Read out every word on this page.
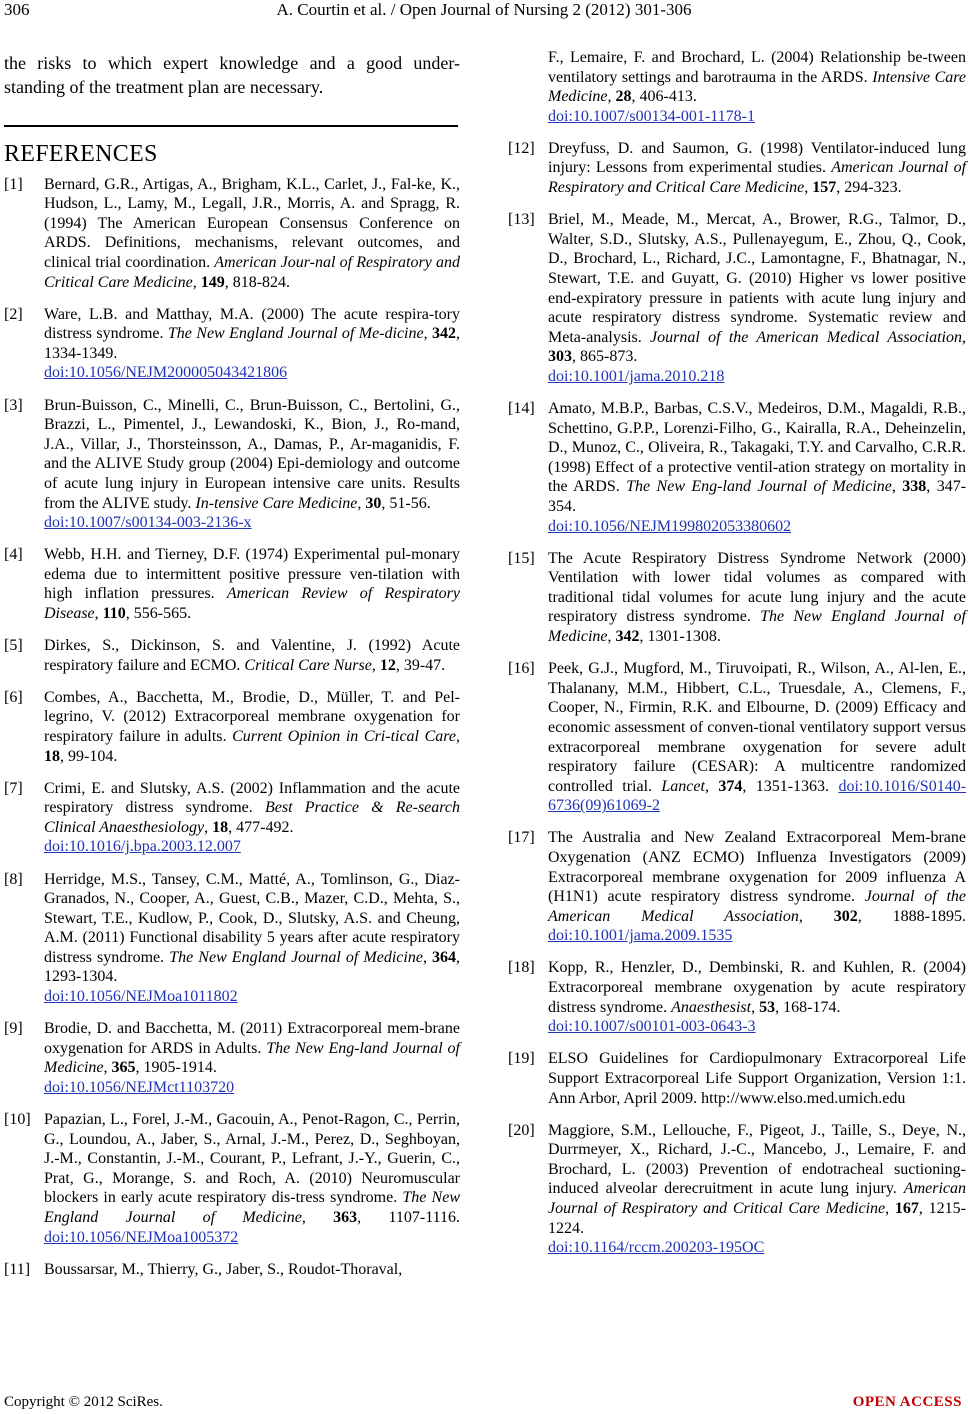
306	A. Courtin et al. / Open Journal of Nursing 2 (2012) 301-306

the risks to which expert knowledge and a good under-standing of the treatment plan are necessary.

REFERENCES
[1]	Bernard, G.R., Artigas, A., Brigham, K.L., Carlet, J., Fal-ke, K., Hudson, L., Lamy, M., Legall, J.R., Morris, A. and Spragg, R. (1994) The American European Consensus Conference on ARDS. Definitions, mechanisms, relevant outcomes, and clinical trial coordination. American Jour-nal of Respiratory and Critical Care Medicine, 149, 818-824.
[2]	Ware, L.B. and Matthay, M.A. (2000) The acute respira-tory distress syndrome. The New England Journal of Me-dicine, 342, 1334-1349.
doi:10.1056/NEJM200005043421806
[3]	Brun-Buisson, C., Minelli, C., Brun-Buisson, C., Bertolini, G., Brazzi, L., Pimentel, J., Lewandoski, K., Bion, J., Ro-mand, J.A., Villar, J., Thorsteinsson, A., Damas, P., Ar-maganidis, F. and the ALIVE Study group (2004) Epi-demiology and outcome of acute lung injury in European intensive care units. Results from the ALIVE study. In-tensive Care Medicine, 30, 51-56.
doi:10.1007/s00134-003-2136-x
[4]	Webb, H.H. and Tierney, D.F. (1974) Experimental pul-monary edema due to intermittent positive pressure ven-tilation with high inflation pressures. American Review of Respiratory Disease, 110, 556-565.
[5]	Dirkes, S., Dickinson, S. and Valentine, J. (1992) Acute respiratory failure and ECMO. Critical Care Nurse, 12, 39-47.
[6]	Combes, A., Bacchetta, M., Brodie, D., Müller, T. and Pel-legrino, V. (2012) Extracorporeal membrane oxygenation for respiratory failure in adults. Current Opinion in Cri-tical Care, 18, 99-104.
[7]	Crimi, E. and Slutsky, A.S. (2002) Inflammation and the acute respiratory distress syndrome. Best Practice & Re-search Clinical Anaesthesiology, 18, 477-492.
doi:10.1016/j.bpa.2003.12.007
[8]	Herridge, M.S., Tansey, C.M., Matté, A., Tomlinson, G., Diaz-Granados, N., Cooper, A., Guest, C.B., Mazer, C.D., Mehta, S., Stewart, T.E., Kudlow, P., Cook, D., Slutsky, A.S. and Cheung, A.M. (2011) Functional disability 5 years after acute respiratory distress syndrome. The New England Journal of Medicine, 364, 1293-1304.
doi:10.1056/NEJMoa1011802
[9]	Brodie, D. and Bacchetta, M. (2011) Extracorporeal mem-brane oxygenation for ARDS in Adults. The New Eng-land Journal of Medicine, 365, 1905-1914.
doi:10.1056/NEJMct1103720
[10] Papazian, L., Forel, J.-M., Gacouin, A., Penot-Ragon, C., Perrin, G., Loundou, A., Jaber, S., Arnal, J.-M., Perez, D., Seghboyan, J.-M., Constantin, J.-M., Courant, P., Lefrant, J.-Y., Guerin, C., Prat, G., Morange, S. and Roch, A. (2010) Neuromuscular blockers in early acute respiratory dis-tress syndrome. The New England Journal of Medicine, 363, 1107-1116. doi:10.1056/NEJMoa1005372
[11] Boussarsar, M., Thierry, G., Jaber, S., Roudot-Thoraval,
F., Lemaire, F. and Brochard, L. (2004) Relationship be-tween ventilatory settings and barotrauma in the ARDS. Intensive Care Medicine, 28, 406-413.
doi:10.1007/s00134-001-1178-1
[12] Dreyfuss, D. and Saumon, G. (1998) Ventilator-induced lung injury: Lessons from experimental studies. American Journal of Respiratory and Critical Care Medicine, 157, 294-323.
[13] Briel, M., Meade, M., Mercat, A., Brower, R.G., Talmor, D., Walter, S.D., Slutsky, A.S., Pullenayegum, E., Zhou, Q., Cook, D., Brochard, L., Richard, J.C., Lamontagne, F., Bhatnagar, N., Stewart, T.E. and Guyatt, G. (2010) Higher vs lower positive end-expiratory pressure in patients with acute lung injury and acute respiratory distress syndrome. Systematic review and Meta-analysis. Journal of the American Medical Association, 303, 865-873.
doi:10.1001/jama.2010.218
[14] Amato, M.B.P., Barbas, C.S.V., Medeiros, D.M., Magaldi, R.B., Schettino, G.P.P., Lorenzi-Filho, G., Kairalla, R.A., Deheinzelin, D., Munoz, C., Oliveira, R., Takagaki, T.Y. and Carvalho, C.R.R. (1998) Effect of a protective ventil-ation strategy on mortality in the ARDS. The New Eng-land Journal of Medicine, 338, 347-354.
doi:10.1056/NEJM199802053380602
[15] The Acute Respiratory Distress Syndrome Network (2000) Ventilation with lower tidal volumes as compared with traditional tidal volumes for acute lung injury and the acute respiratory distress syndrome. The New England Journal of Medicine, 342, 1301-1308.
[16] Peek, G.J., Mugford, M., Tiruvoipati, R., Wilson, A., Al-len, E., Thalanany, M.M., Hibbert, C.L., Truesdale, A., Clemens, F., Cooper, N., Firmin, R.K. and Elbourne, D. (2009) Efficacy and economic assessment of conven-tional ventilatory support versus extracorporeal membrane oxygenation for severe adult respiratory failure (CESAR): A multicentre randomized controlled trial. Lancet, 374, 1351-1363. doi:10.1016/S0140-6736(09)61069-2
[17] The Australia and New Zealand Extracorporeal Mem-brane Oxygenation (ANZ ECMO) Influenza Investigators (2009) Extracorporeal membrane oxygenation for 2009 influenza A (H1N1) acute respiratory distress syndrome. Journal of the American Medical Association, 302, 1888-1895. doi:10.1001/jama.2009.1535
[18] Kopp, R., Henzler, D., Dembinski, R. and Kuhlen, R. (2004) Extracorporeal membrane oxygenation by acute respiratory distress syndrome. Anaesthesist, 53, 168-174.
doi:10.1007/s00101-003-0643-3
[19] ELSO Guidelines for Cardiopulmonary Extracorporeal Life Support Extracorporeal Life Support Organization, Version 1:1. Ann Arbor, April 2009. http://www.elso.med.umich.edu
[20] Maggiore, S.M., Lellouche, F., Pigeot, J., Taille, S., Deye, N., Durrmeyer, X., Richard, J.-C., Mancebo, J., Lemaire, F. and Brochard, L. (2003) Prevention of endotracheal suctioning-induced alveolar derecruitment in acute lung injury. American Journal of Respiratory and Critical Care Medicine, 167, 1215-1224.
doi:10.1164/rccm.200203-195OC
Copyright © 2012 SciRes.	OPEN ACCESS
